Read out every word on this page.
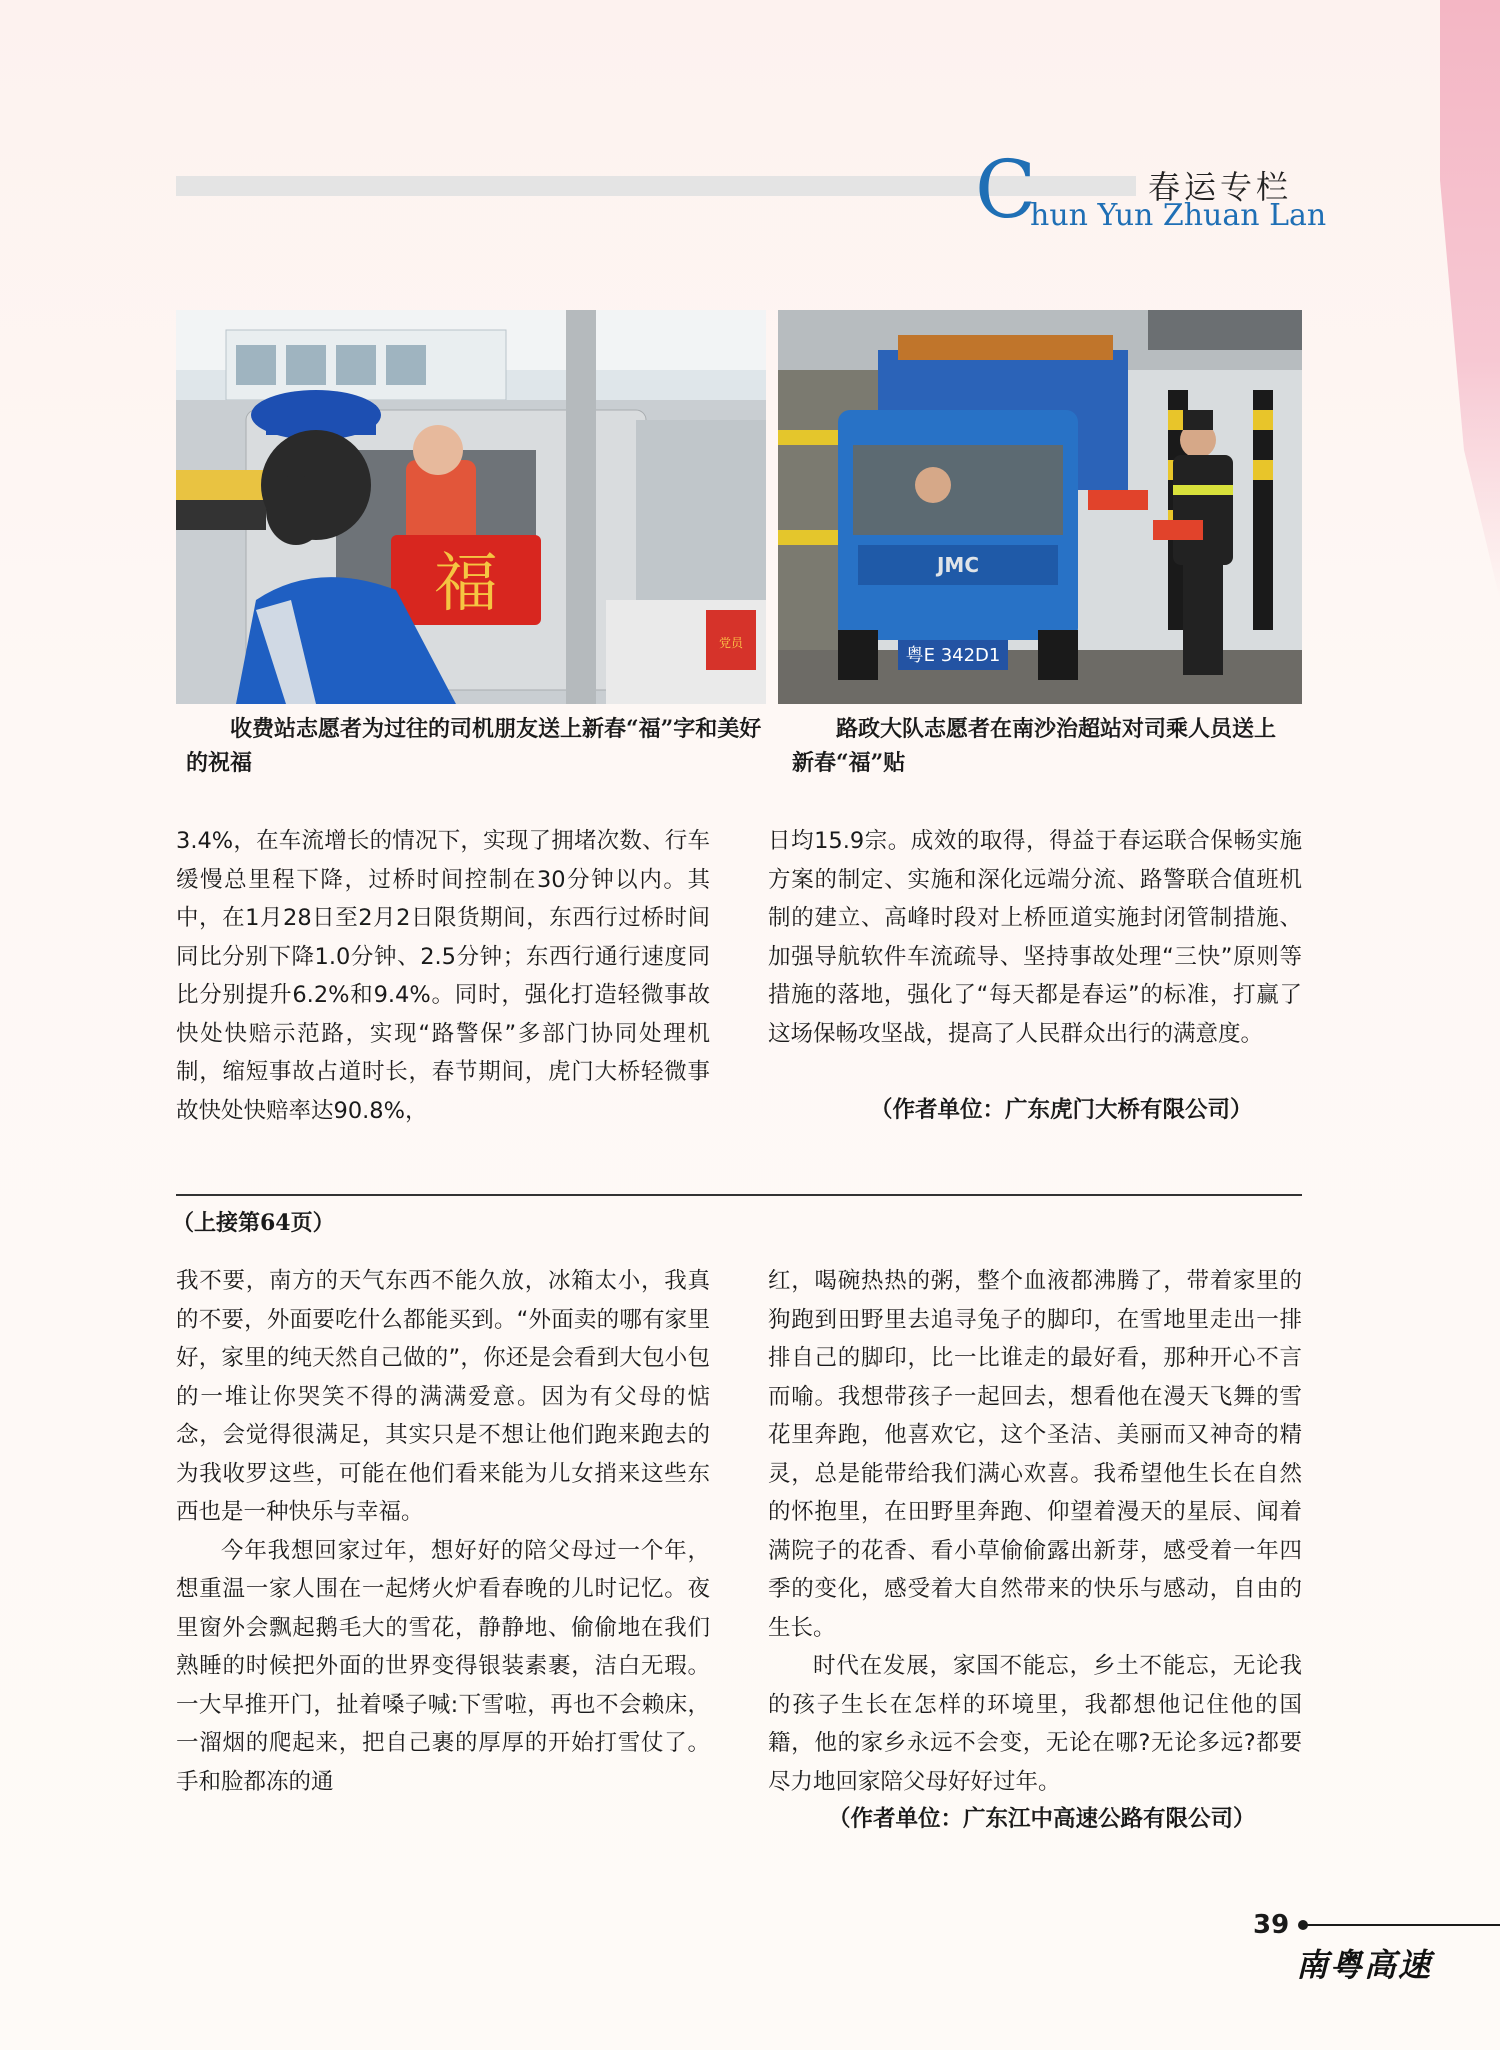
C	春运专栏
hun Yun Zhuan Lan
党员
福	JMC
粤E 342D1
收费站志愿者为过往的司机朋友送上新春“福”字和美好的祝福
路政大队志愿者在南沙治超站对司乘人员送上新春“福”贴

3.4%，在车流增长的情况下，实现了拥堵次数、行车缓慢总里程下降，过桥时间控制在30分钟以内。其中，在1月28日至2月2日限货期间，东西行过桥时间同比分别下降1.0分钟、2.5分钟；东西行通行速度同比分别提升6.2%和9.4%。同时，强化打造轻微事故快处快赔示范路，实现“路警保”多部门协同处理机制，缩短事故占道时长，春节期间，虎门大桥轻微事故快处快赔率达90.8%，

日均15.9宗。成效的取得，得益于春运联合保畅实施方案的制定、实施和深化远端分流、路警联合值班机制的建立、高峰时段对上桥匝道实施封闭管制措施、加强导航软件车流疏导、坚持事故处理“三快”原则等措施的落地，强化了“每天都是春运”的标准，打赢了这场保畅攻坚战，提高了人民群众出行的满意度。

（作者单位：广东虎门大桥有限公司）
（上接第64页）

我不要，南方的天气东西不能久放，冰箱太小，我真的不要，外面要吃什么都能买到。“外面卖的哪有家里好，家里的纯天然自己做的”，你还是会看到大包小包的一堆让你哭笑不得的满满爱意。因为有父母的惦念，会觉得很满足，其实只是不想让他们跑来跑去的为我收罗这些，可能在他们看来能为儿女捎来这些东西也是一种快乐与幸福。

今年我想回家过年，想好好的陪父母过一个年，想重温一家人围在一起烤火炉看春晚的儿时记忆。夜里窗外会飘起鹅毛大的雪花，静静地、偷偷地在我们熟睡的时候把外面的世界变得银装素裹，洁白无瑕。一大早推开门，扯着嗓子喊:下雪啦，再也不会赖床，一溜烟的爬起来，把自己裹的厚厚的开始打雪仗了。手和脸都冻的通

红，喝碗热热的粥，整个血液都沸腾了，带着家里的狗跑到田野里去追寻兔子的脚印，在雪地里走出一排排自己的脚印，比一比谁走的最好看，那种开心不言而喻。我想带孩子一起回去，想看他在漫天飞舞的雪花里奔跑，他喜欢它，这个圣洁、美丽而又神奇的精灵，总是能带给我们满心欢喜。我希望他生长在自然的怀抱里，在田野里奔跑、仰望着漫天的星辰、闻着满院子的花香、看小草偷偷露出新芽，感受着一年四季的变化，感受着大自然带来的快乐与感动，自由的生长。

时代在发展，家国不能忘，乡土不能忘，无论我的孩子生长在怎样的环境里，我都想他记住他的国籍，他的家乡永远不会变，无论在哪?无论多远?都要尽力地回家陪父母好好过年。

（作者单位：广东江中高速公路有限公司）
39
南粤高速
